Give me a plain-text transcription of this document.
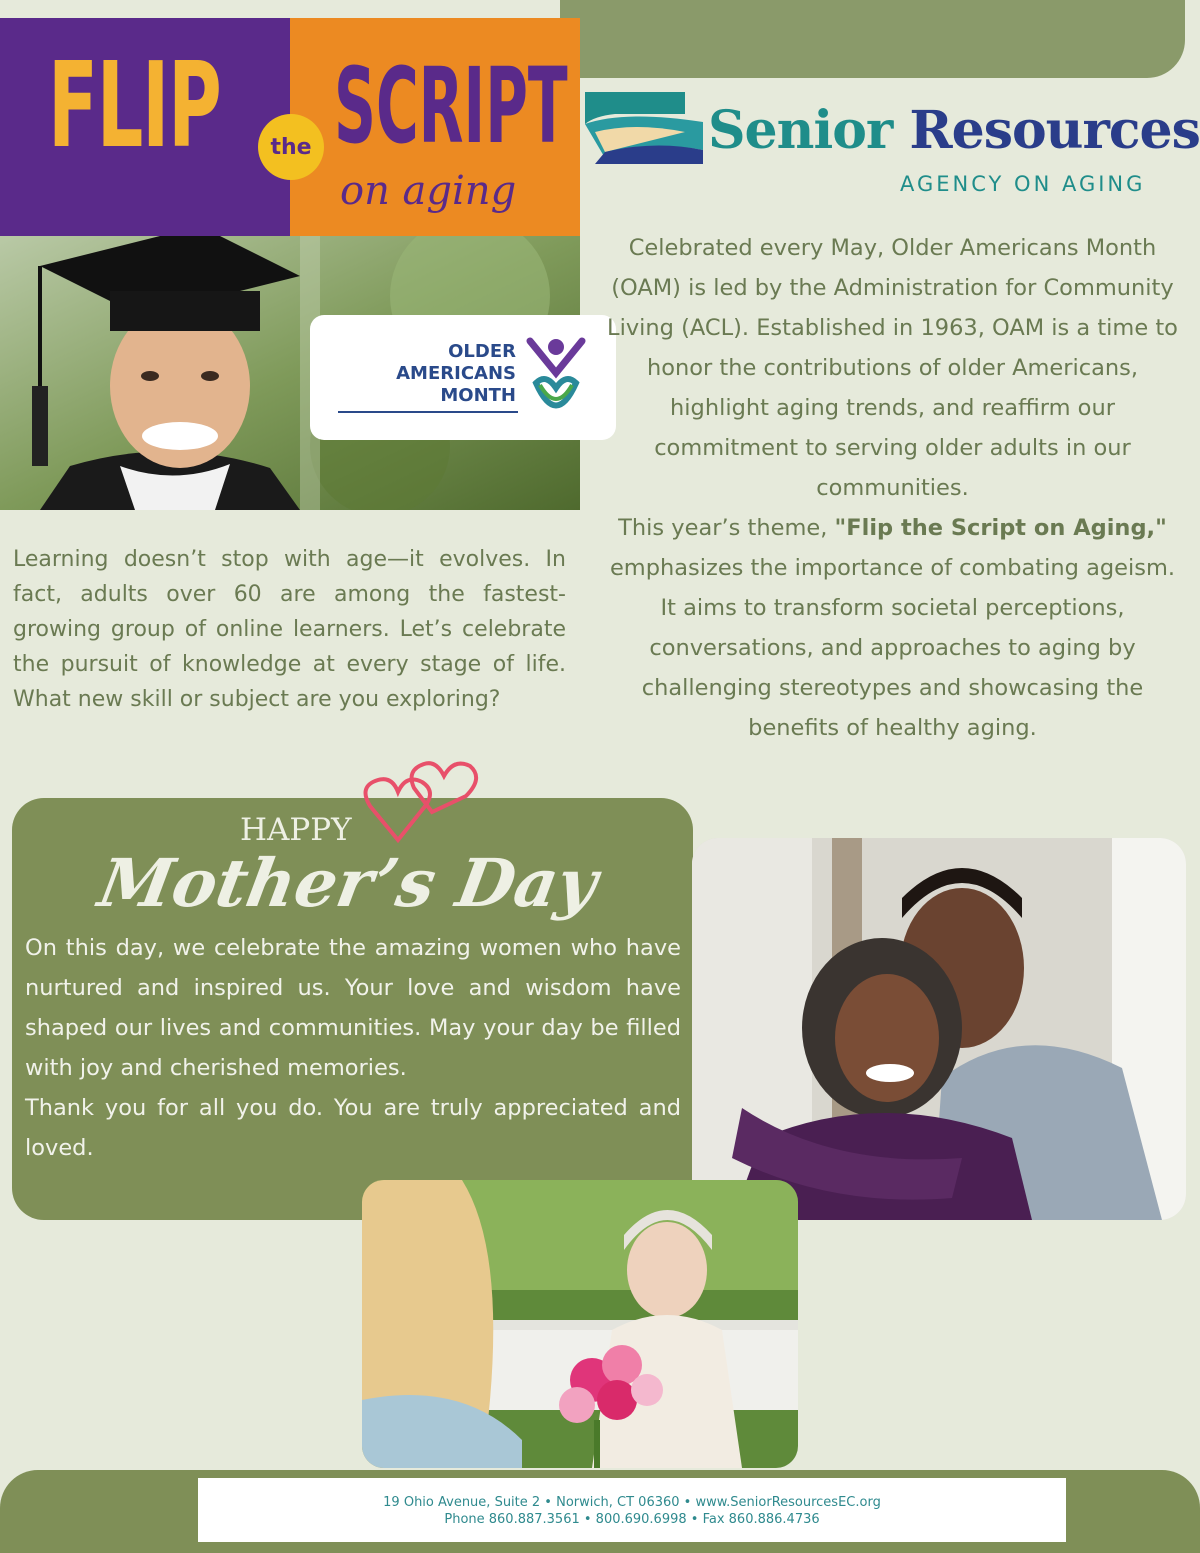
FLIP	the SCRIPT
on aging
OLDER
AMERICANS
MONTH
Senior Resources
AGENCY ON AGING
Celebrated every May, Older Americans Month (OAM) is led by the Administration for Community Living (ACL). Established in 1963, OAM is a time to honor the contributions of older Americans, highlight aging trends, and reaffirm our commitment to serving older adults in our communities.
This year’s theme, "Flip the Script on Aging," emphasizes the importance of combating ageism. It aims to transform societal perceptions, conversations, and approaches to aging by challenging stereotypes and showcasing the benefits of healthy aging.
Learning doesn’t stop with age—it evolves. In fact, adults over 60 are among the fastest-growing group of online learners. Let’s celebrate the pursuit of knowledge at every stage of life. What new skill or subject are you exploring?
HAPPY
Mother’s Day
On this day, we celebrate the amazing women who have nurtured and inspired us. Your love and wisdom have shaped our lives and communities. May your day be filled with joy and cherished memories.
Thank you for all you do. You are truly appreciated and loved.
19 Ohio Avenue, Suite 2 • Norwich, CT 06360 • www.SeniorResourcesEC.org
Phone 860.887.3561 • 800.690.6998 • Fax 860.886.4736
